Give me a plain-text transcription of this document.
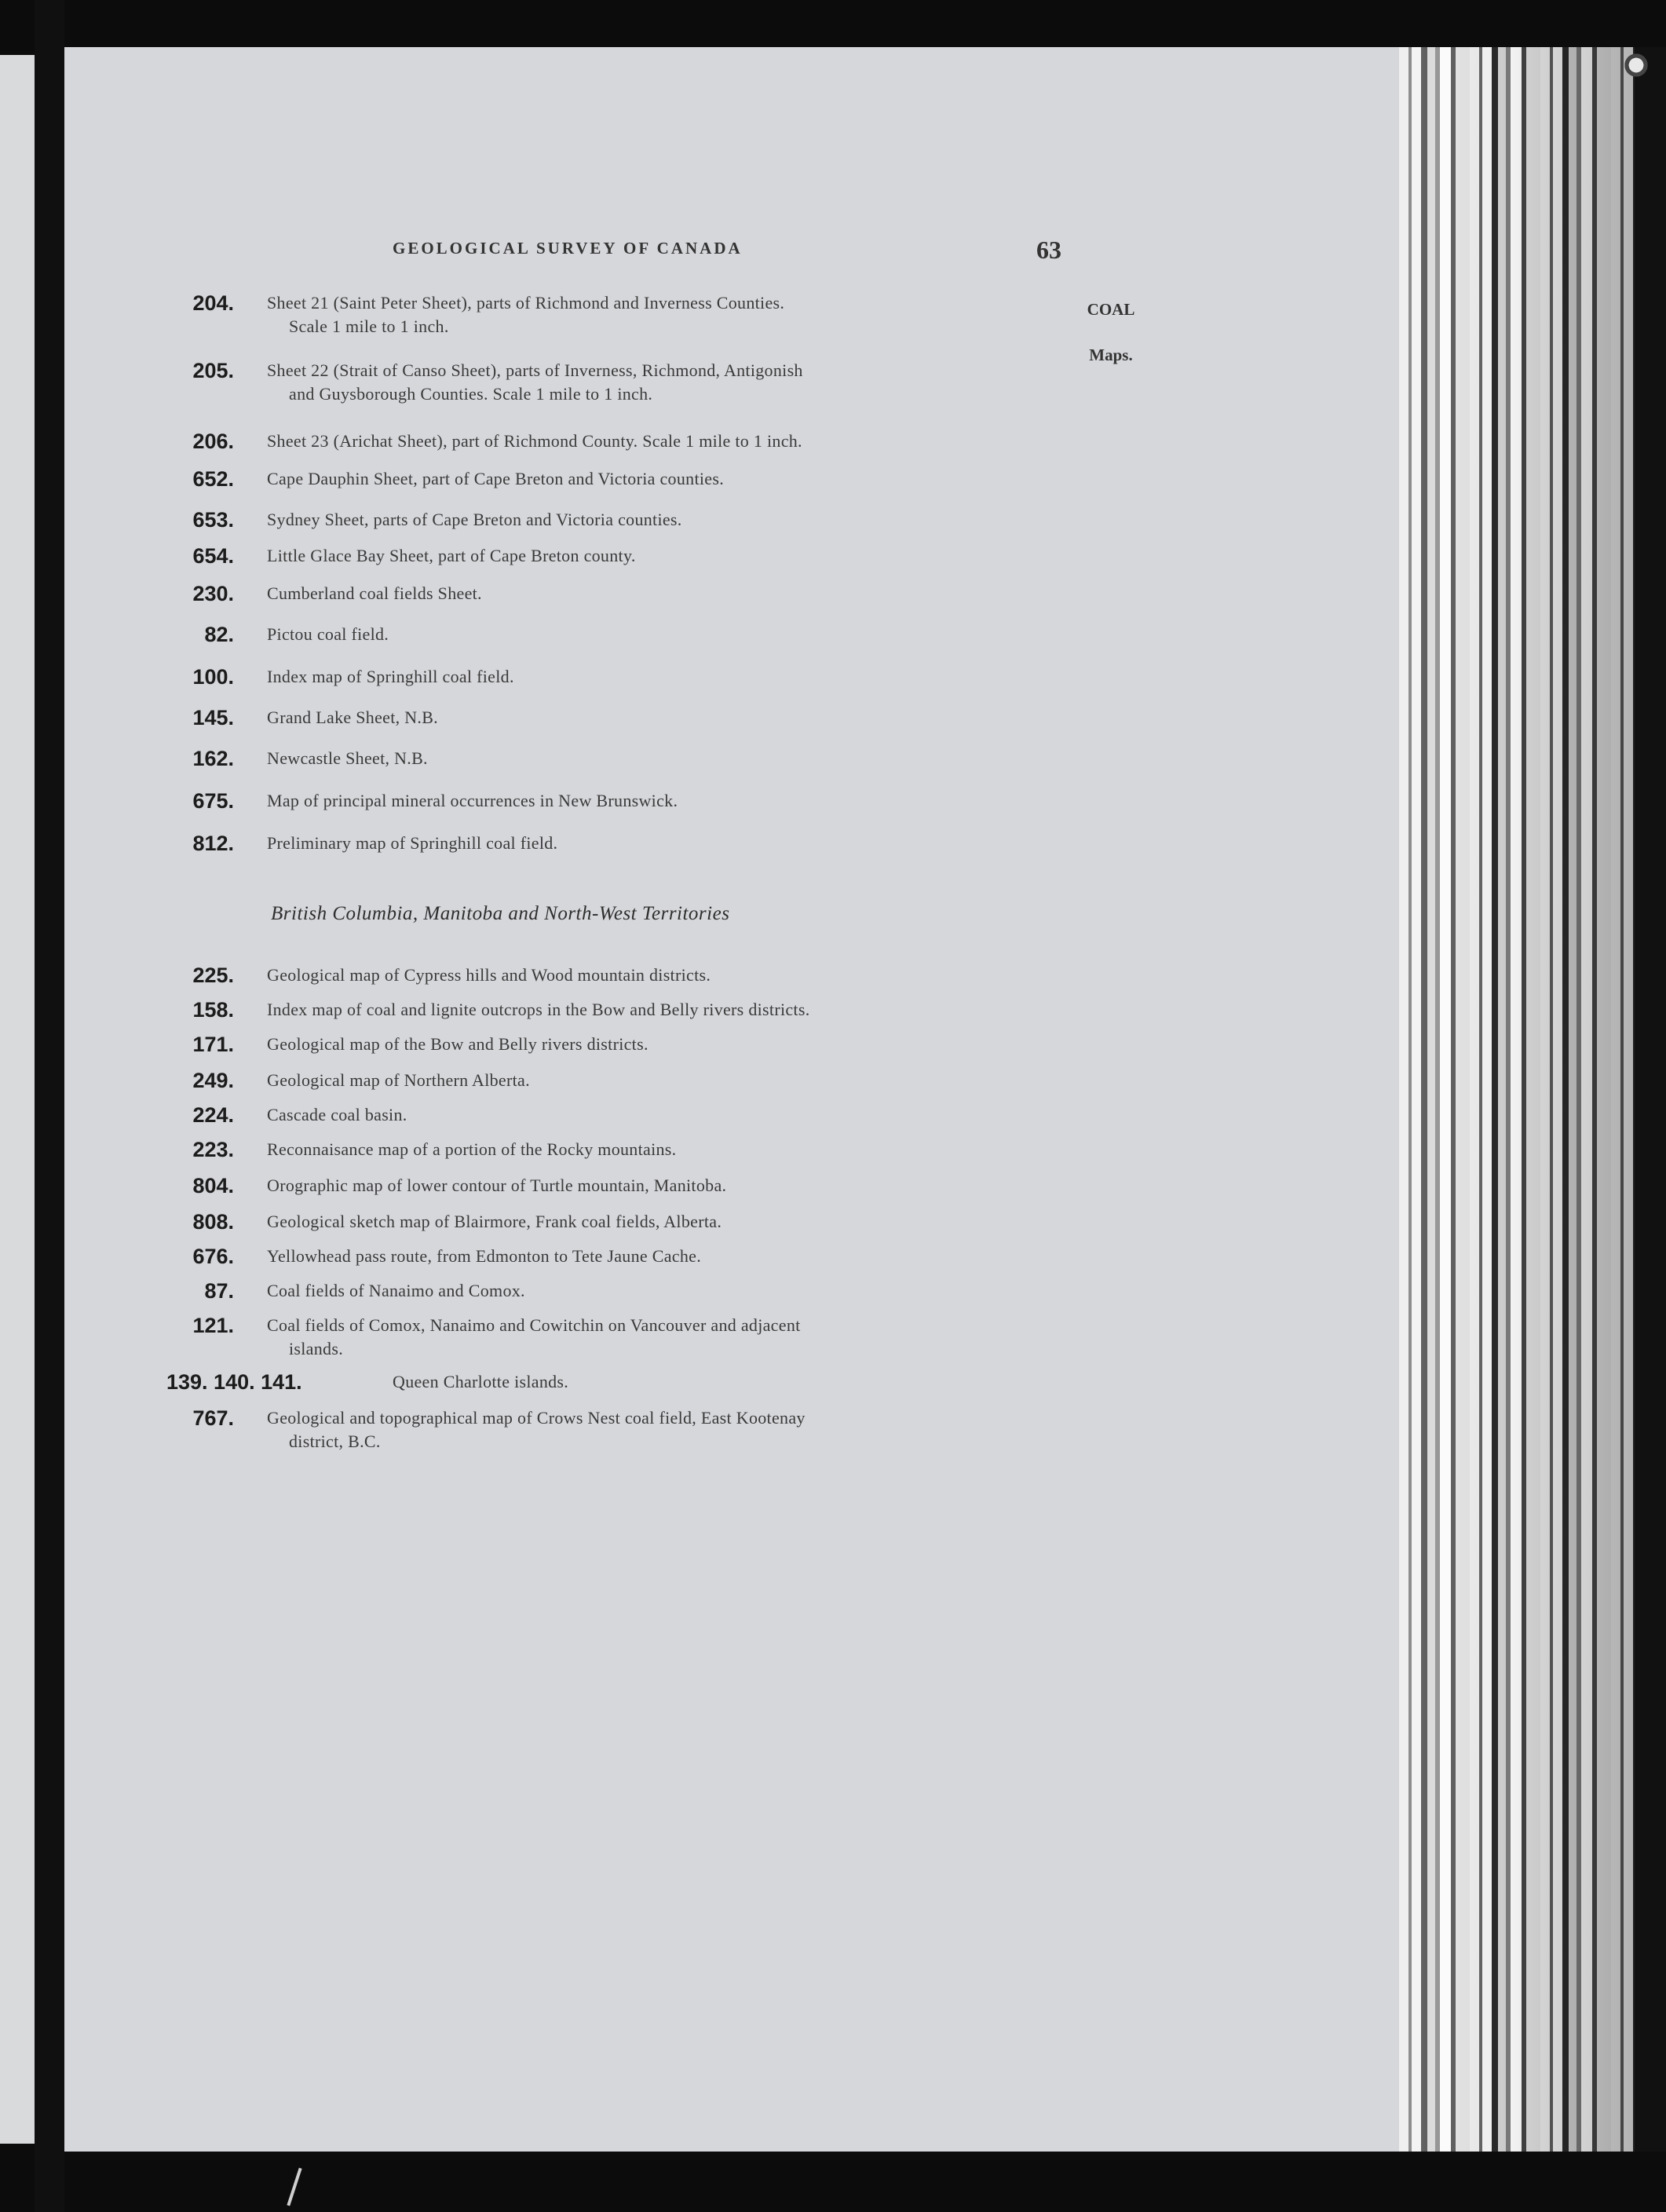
GEOLOGICAL SURVEY OF CANADA	63
COAL
Maps.
204. Sheet 21 (Saint Peter Sheet), parts of Richmond and Inverness Counties.
Scale 1 mile to 1 inch.
205. Sheet 22 (Strait of Canso Sheet), parts of Inverness, Richmond, Antigonish
and Guysborough Counties. Scale 1 mile to 1 inch.
206. Sheet 23 (Arichat Sheet), part of Richmond County. Scale 1 mile to 1 inch.
652. Cape Dauphin Sheet, part of Cape Breton and Victoria counties.
653. Sydney Sheet, parts of Cape Breton and Victoria counties.
654. Little Glace Bay Sheet, part of Cape Breton county.
230. Cumberland coal fields Sheet.
82. Pictou coal field.
100. Index map of Springhill coal field.
145. Grand Lake Sheet, N.B.
162. Newcastle Sheet, N.B.
675. Map of principal mineral occurrences in New Brunswick.
812. Preliminary map of Springhill coal field.
British Columbia, Manitoba and North-West Territories
225. Geological map of Cypress hills and Wood mountain districts.
158. Index map of coal and lignite outcrops in the Bow and Belly rivers districts.
171. Geological map of the Bow and Belly rivers districts.
249. Geological map of Northern Alberta.
224. Cascade coal basin.
223. Reconnaisance map of a portion of the Rocky mountains.
804. Orographic map of lower contour of Turtle mountain, Manitoba.
808. Geological sketch map of Blairmore, Frank coal fields, Alberta.
676. Yellowhead pass route, from Edmonton to Tete Jaune Cache.
87. Coal fields of Nanaimo and Comox.
121. Coal fields of Comox, Nanaimo and Cowitchin on Vancouver and adjacent
islands.
139. 140. 141.	Queen Charlotte islands.
767. Geological and topographical map of Crows Nest coal field, East Kootenay
district, B.C.
